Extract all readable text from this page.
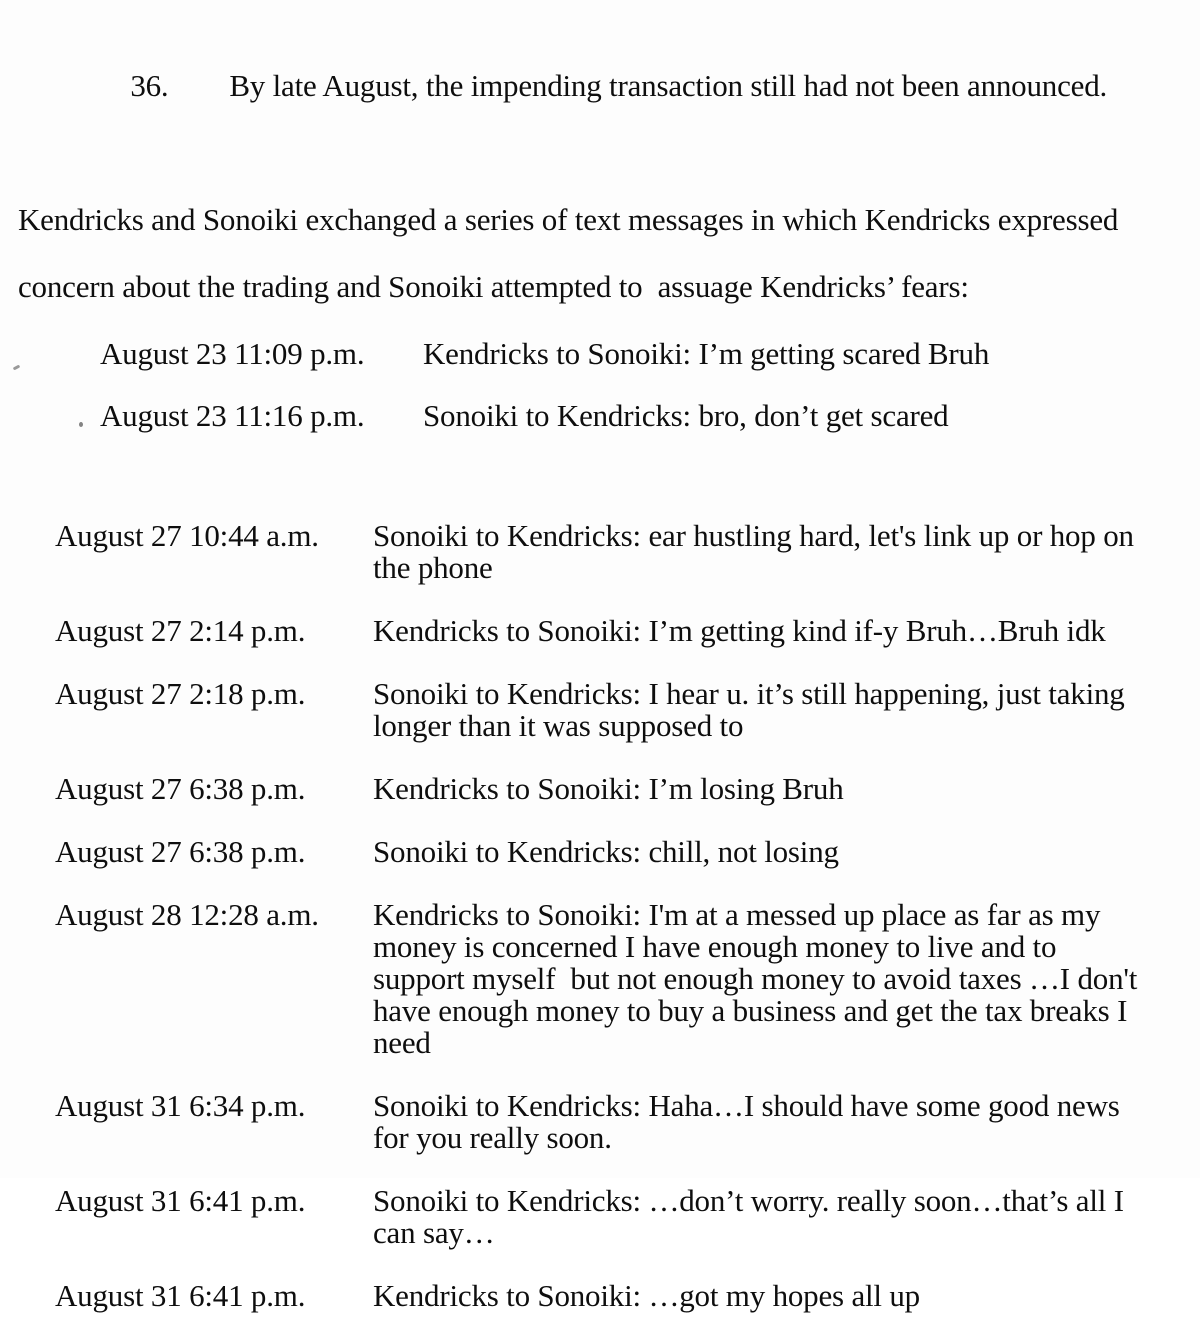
36. By late August, the impending transaction still had not been announced.

Kendricks and Sonoiki exchanged a series of text messages in which Kendricks expressed
concern about the trading and Sonoiki attempted to  assuage Kendricks’ fears:
August 23 11:09 p.m.	Kendricks to Sonoiki: I’m getting scared Bruh
August 23 11:16 p.m.	Sonoiki to Kendricks: bro, don’t get scared
August 27 10:44 a.m.	Sonoiki to Kendricks: ear hustling hard, let's link up or hop on
the phone
August 27 2:14 p.m.	Kendricks to Sonoiki: I’m getting kind if-y Bruh…Bruh idk
August 27 2:18 p.m.	Sonoiki to Kendricks: I hear u. it’s still happening, just taking
longer than it was supposed to
August 27 6:38 p.m.	Kendricks to Sonoiki: I’m losing Bruh
August 27 6:38 p.m.	Sonoiki to Kendricks: chill, not losing
August 28 12:28 a.m.	Kendricks to Sonoiki: I'm at a messed up place as far as my
money is concerned I have enough money to live and to
support myself  but not enough money to avoid taxes …I don't
have enough money to buy a business and get the tax breaks I
need
August 31 6:34 p.m.	Sonoiki to Kendricks: Haha…I should have some good news
for you really soon.
August 31 6:41 p.m.	Sonoiki to Kendricks: …don’t worry. really soon…that’s all I
can say…
August 31 6:41 p.m.	Kendricks to Sonoiki: …got my hopes all up
